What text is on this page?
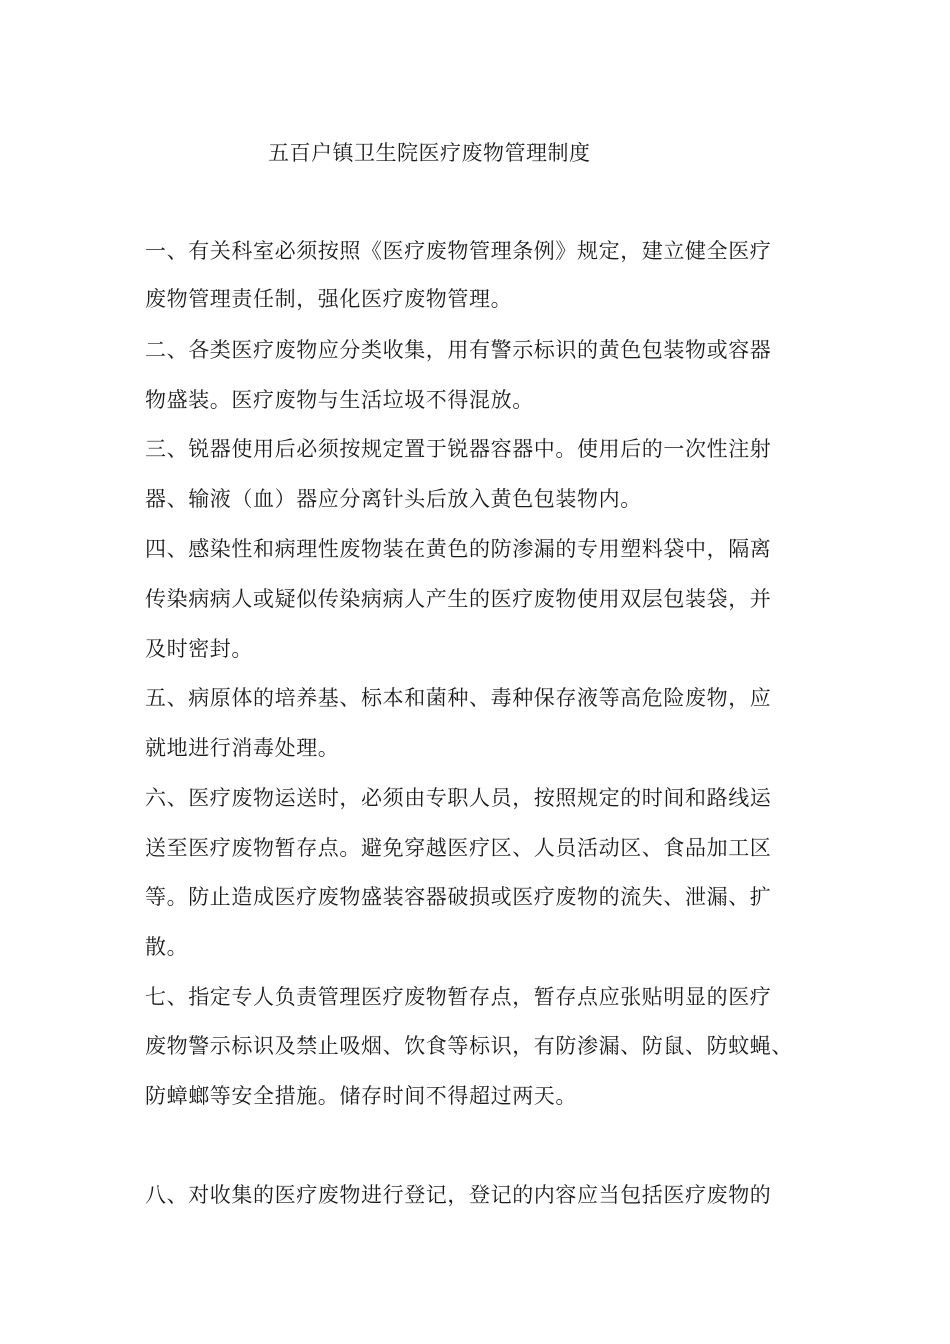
五百户镇卫生院医疗废物管理制度
一、有关科室必须按照《医疗废物管理条例》规定，建立健全医疗
废物管理责任制，强化医疗废物管理。
二、各类医疗废物应分类收集，用有警示标识的黄色包装物或容器
物盛装。医疗废物与生活垃圾不得混放。
三、锐器使用后必须按规定置于锐器容器中。使用后的一次性注射
器、输液（血）器应分离针头后放入黄色包装物内。
四、感染性和病理性废物装在黄色的防渗漏的专用塑料袋中，隔离
传染病病人或疑似传染病病人产生的医疗废物使用双层包装袋，并
及时密封。
五、病原体的培养基、标本和菌种、毒种保存液等高危险废物，应
就地进行消毒处理。
六、医疗废物运送时，必须由专职人员，按照规定的时间和路线运
送至医疗废物暂存点。避免穿越医疗区、人员活动区、食品加工区
等。防止造成医疗废物盛装容器破损或医疗废物的流失、泄漏、扩
散。
七、指定专人负责管理医疗废物暂存点，暂存点应张贴明显的医疗
废物警示标识及禁止吸烟、饮食等标识，有防渗漏、防鼠、防蚊蝇、
防蟑螂等安全措施。储存时间不得超过两天。
八、对收集的医疗废物进行登记，登记的内容应当包括医疗废物的
